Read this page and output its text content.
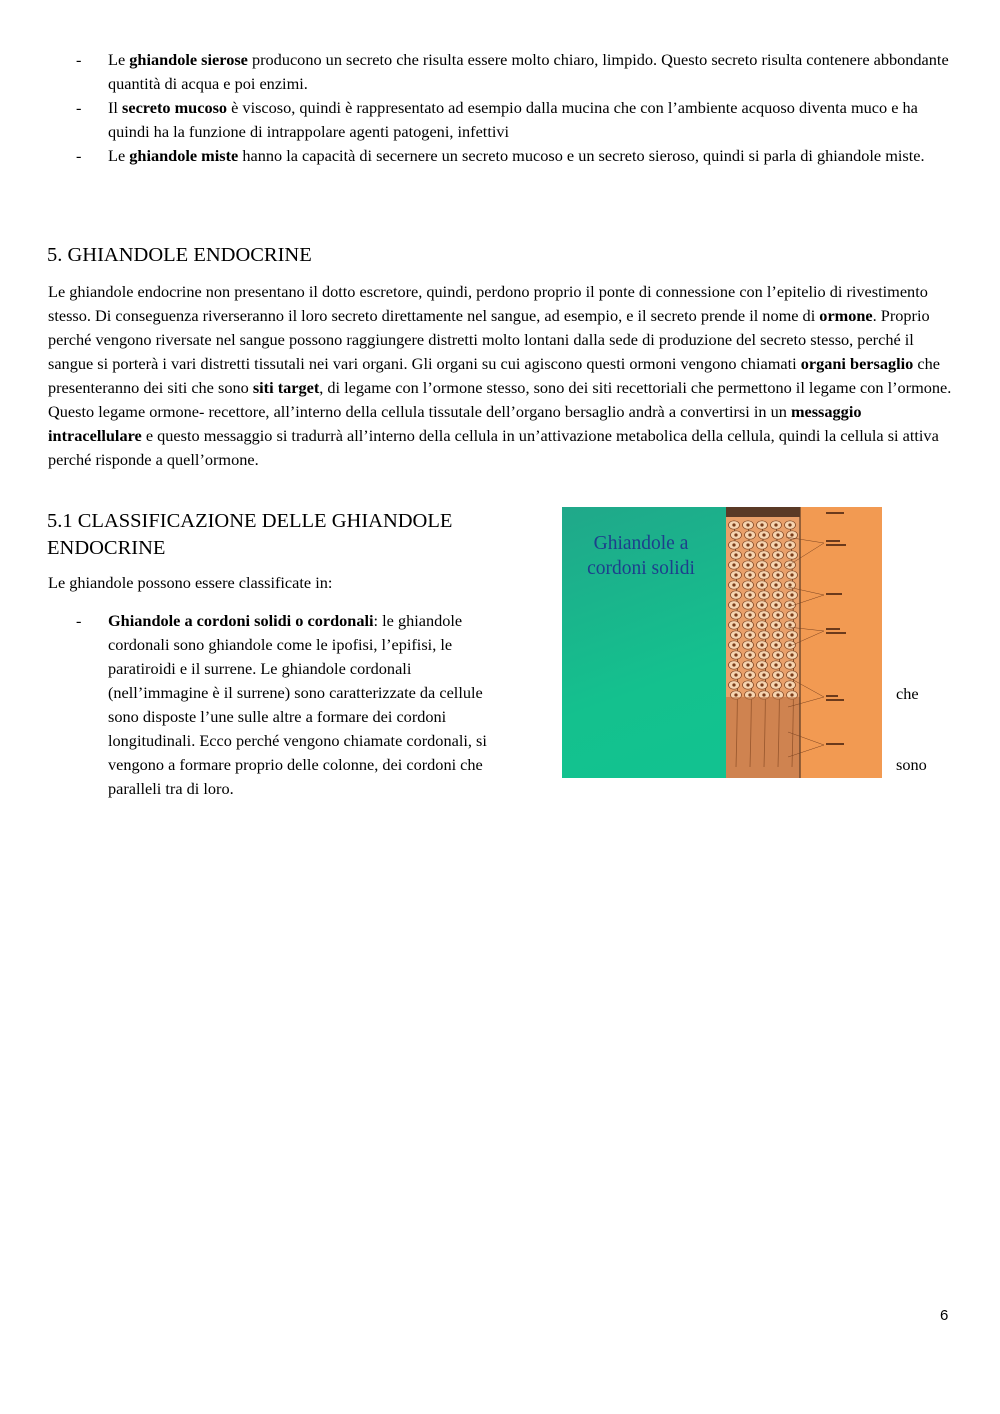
- Le ghiandole sierose producono un secreto che risulta essere molto chiaro, limpido. Questo secreto risulta contenere abbondante quantità di acqua e poi enzimi.
- Il secreto mucoso è viscoso, quindi è rappresentato ad esempio dalla mucina che con l’ambiente acquoso diventa muco e ha quindi ha la funzione di intrappolare agenti patogeni, infettivi
- Le ghiandole miste hanno la capacità di secernere un secreto mucoso e un secreto sieroso, quindi si parla di ghiandole miste.
5. GHIANDOLE ENDOCRINE

Le ghiandole endocrine non presentano il dotto escretore, quindi, perdono proprio il ponte di connessione con l’epitelio di rivestimento stesso. Di conseguenza riverseranno il loro secreto direttamente nel sangue, ad esempio, e il secreto prende il nome di ormone. Proprio perché vengono riversate nel sangue possono raggiungere distretti molto lontani dalla sede di produzione del secreto stesso, perché il sangue si porterà i vari distretti tissutali nei vari organi. Gli organi su cui agiscono questi ormoni vengono chiamati organi bersaglio che presenteranno dei siti che sono siti target, di legame con l’ormone stesso, sono dei siti recettoriali che permettono il legame con l’ormone. Questo legame ormone- recettore, all’interno della cellula tissutale dell’organo bersaglio andrà a convertirsi in un messaggio intracellulare e questo messaggio si tradurrà all’interno della cellula in un’attivazione metabolica della cellula, quindi la cellula si attiva perché risponde a quell’ormone.

5.1 CLASSIFICAZIONE DELLE GHIANDOLE
ENDOCRINE

Le ghiandole possono essere classificate in:

- Ghiandole a cordoni solidi o cordonali: le ghiandole
cordonali sono ghiandole come le ipofisi, l’epifisi, le
paratiroidi e il surrene. Le ghiandole cordonali
(nell’immagine è il surrene) sono caratterizzate da cellule
sono disposte l’une sulle altre a formare dei cordoni
longitudinali. Ecco perché vengono chiamate cordonali, si
vengono a formare proprio delle colonne, dei cordoni che
paralleli tra di loro.
che
sono
Ghiandole a
cordoni solidi
6
